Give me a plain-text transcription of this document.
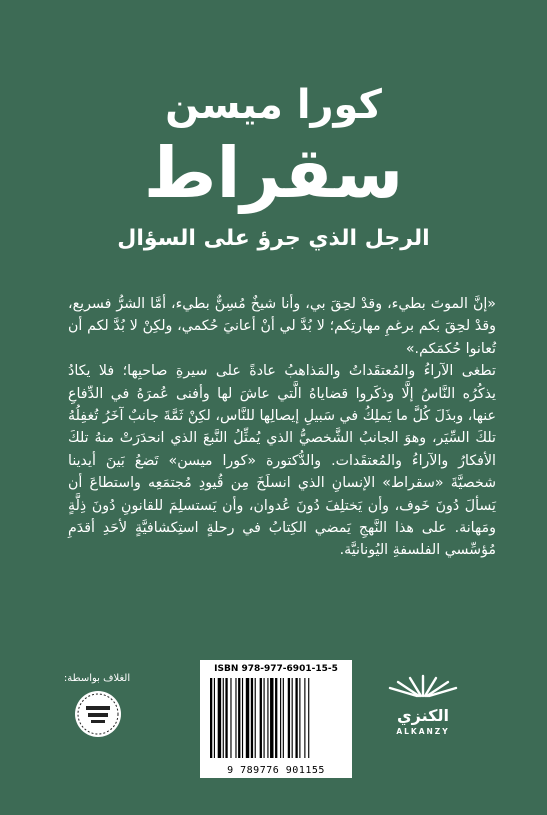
كورا ميسن
سقراط
الرجل الذي جرؤ على السؤال

«إنَّ الموتَ بطيء، وقدْ لحِقَ بي، وأنا شيخٌ مُسِنٌّ بطيء، أمَّا الشرُّ فسريع، وقدْ لحِقَ بكم برغمِ مهارتِكم؛ لا بُدَّ لي أنْ أعانيَ حُكمي، ولكِنْ لا بُدَّ لكم أن تُعانوا حُكمَكم.»

تطغى الآراءُ والمُعتقَداتُ والمَذاهبُ عادةً على سيرةِ صاحبِها؛ فلا يكادُ يذكُرُه النَّاسُ إلَّا وذكَروا قضاياهُ الَّتي عاشَ لها وأفنى عُمرَهُ في الدِّفاعِ عنها، وبذَلَ كُلَّ ما يَملِكُ في سَبيلِ إيصالِها للنَّاس، لكِنْ ثَمَّةَ جانبٌ آخَرُ تُغفِلُهُ تلكَ السِّيَر، وهوَ الجانبُ الشَّخصيُّ الذي يُمثِّلُ النَّبعَ الذي انحدَرَتْ منهُ تلكَ الأفكارُ والآراءُ والمُعتقَدات. والدُّكتورة «كورا ميسن» تَضعُ بَينَ أيدينا شخصيَّةَ «سقراط» الإنسانِ الذي انسلَخَ مِن قُيودِ مُجتمَعِه واستطاعَ أن يَسألَ دُونَ خَوف، وأن يَختلِفَ دُونَ عُدوان، وأن يَستسلِمَ للقانونِ دُونَ ذِلَّةٍ ومَهانة. على هذا النَّهجِ يَمضي الكِتابُ في رحلةٍ استِكشافيَّةٍ لأحَدِ أقدَمِ مُؤسِّسي الفلسفةِ اليُونانيَّة.

ISBN 978-977-6901-15-5
9 789776 901155
الكنزي
ALKANZY
الغلاف بواسطة:
